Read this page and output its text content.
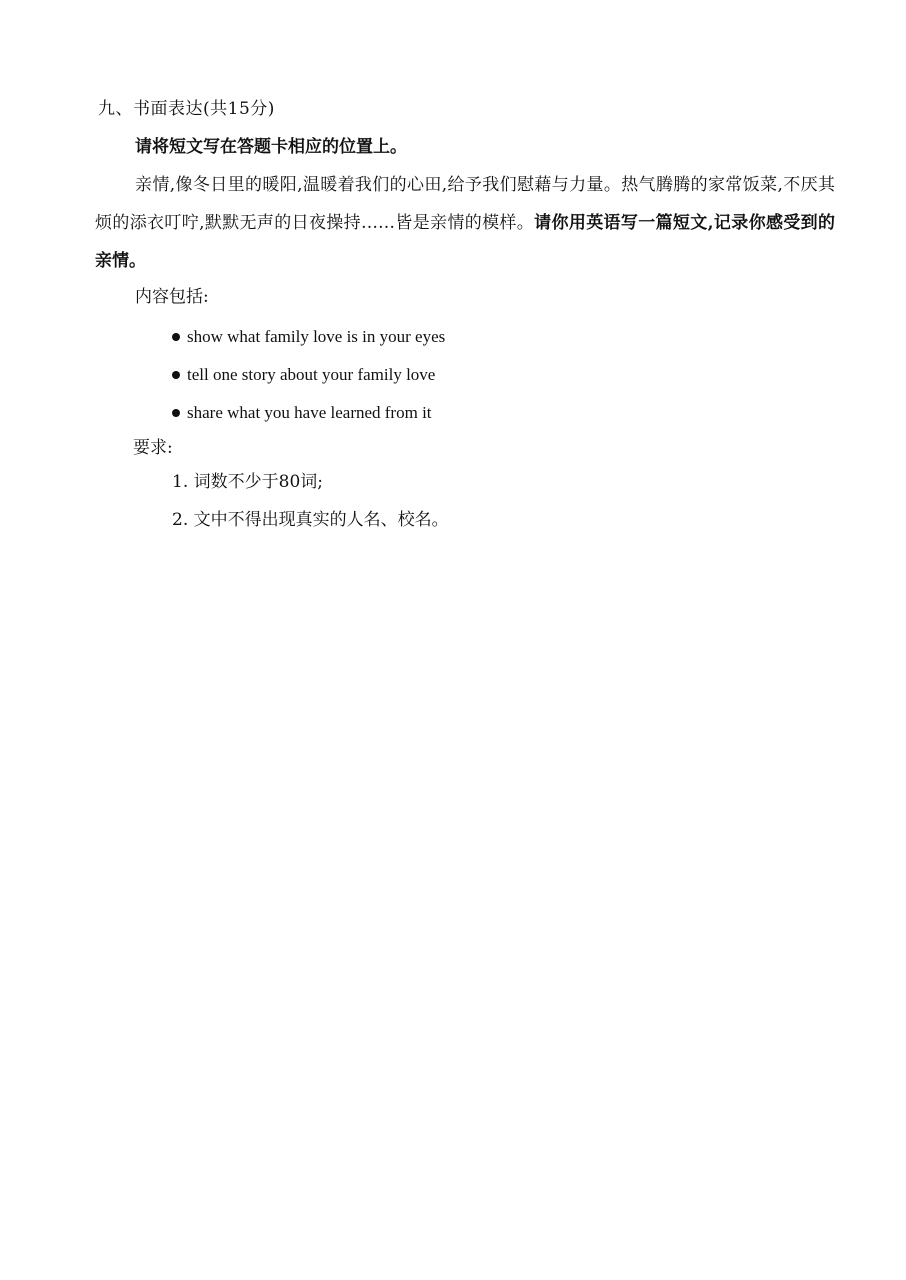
九、书面表达(共15分)
请将短文写在答题卡相应的位置上。

亲情,像冬日里的暖阳,温暖着我们的心田,给予我们慰藉与力量。热气腾腾的家常饭菜,不厌其烦的添衣叮咛,默默无声的日夜操持……皆是亲情的模样。请你用英语写一篇短文,记录你感受到的亲情。

内容包括:
show what family love is in your eyes
tell one story about your family love
share what you have learned from it
要求:
1. 词数不少于80词;
2. 文中不得出现真实的人名、校名。
